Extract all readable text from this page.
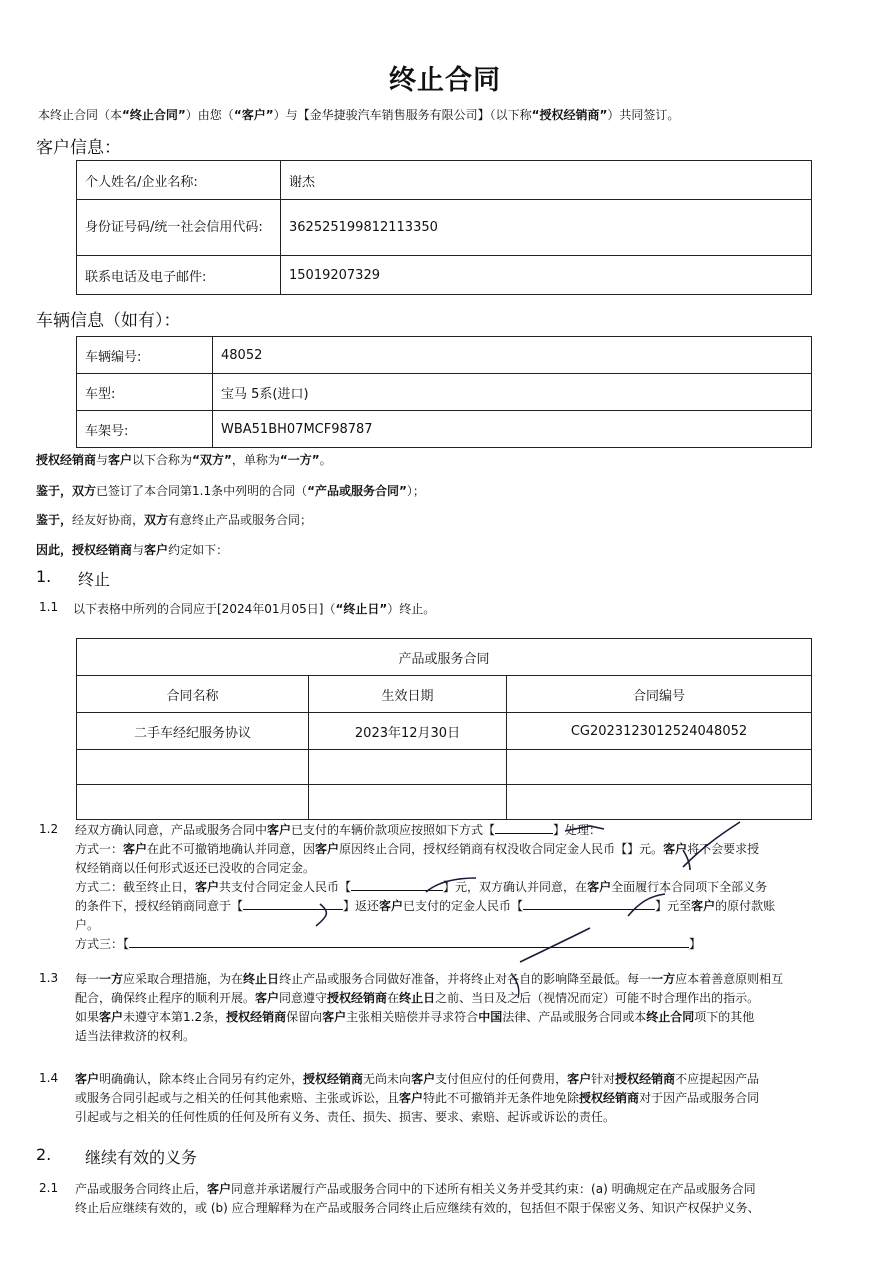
终止合同
本终止合同（本“终止合同”）由您（“客户”）与【金华捷骏汽车销售服务有限公司】（以下称“授权经销商”）共同签订。
客户信息：
个人姓名/企业名称:	谢杰
身份证号码/统一社会信用代码:	362525199812113350
联系电话及电子邮件:	15019207329
车辆信息（如有）：
车辆编号:	48052
车型:	宝马 5系(进口)
车架号:	WBA51BH07MCF98787
授权经销商与客户以下合称为“双方”，单称为“一方”。
鉴于，双方已签订了本合同第1.1条中列明的合同（“产品或服务合同”）；
鉴于，经友好协商，双方有意终止产品或服务合同；
因此，授权经销商与客户约定如下：
1. 终止
1.1 以下表格中所列的合同应于[2024年01月05日]（“终止日”）终止。
产品或服务合同		
合同名称	生效日期	合同编号
二手车经纪服务协议	2023年12月30日	CG2023123012524048052

1.2 经双方确认同意，产品或服务合同中客户已支付的车辆价款项应按照如下方式【	】处理：
方式一：客户在此不可撤销地确认并同意，因客户原因终止合同，授权经销商有权没收合同定金人民币【】元。客户将不会要求授
权经销商以任何形式返还已没收的合同定金。
方式二：截至终止日，客户共支付合同定金人民币【	】元，双方确认并同意，在客户全面履行本合同项下全部义务
的条件下，授权经销商同意于【	】返还客户已支付的定金人民币【	】元至客户的原付款账
户。
方式三：【	】
1.3 每一一方应采取合理措施，为在终止日终止产品或服务合同做好准备，并将终止对各自的影响降至最低。每一一方应本着善意原则相互
配合，确保终止程序的顺利开展。客户同意遵守授权经销商在终止日之前、当日及之后（视情况而定）可能不时合理作出的指示。
如果客户未遵守本第1.2条，授权经销商保留向客户主张相关赔偿并寻求符合中国法律、产品或服务合同或本终止合同项下的其他
适当法律救济的权利。
1.4 客户明确确认，除本终止合同另有约定外，授权经销商无尚未向客户支付但应付的任何费用，客户针对授权经销商不应提起因产品
或服务合同引起或与之相关的任何其他索赔、主张或诉讼，且客户特此不可撤销并无条件地免除授权经销商对于因产品或服务合同
引起或与之相关的任何性质的任何及所有义务、责任、损失、损害、要求、索赔、起诉或诉讼的责任。
2. 继续有效的义务
2.1 产品或服务合同终止后，客户同意并承诺履行产品或服务合同中的下述所有相关义务并受其约束：(a) 明确规定在产品或服务合同
终止后应继续有效的，或 (b) 应合理解释为在产品或服务合同终止后应继续有效的，包括但不限于保密义务、知识产权保护义务、
